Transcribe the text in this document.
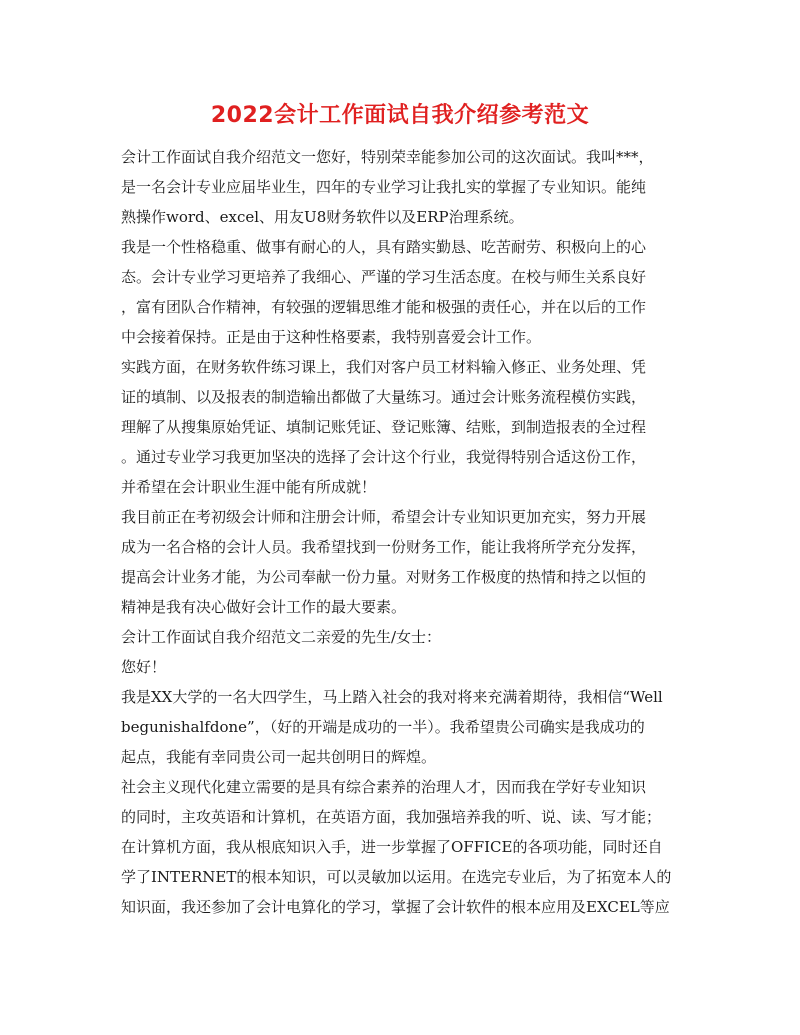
2022会计工作面试自我介绍参考范文
会计工作面试自我介绍范文一您好，特别荣幸能参加公司的这次面试。我叫***，
是一名会计专业应届毕业生，四年的专业学习让我扎实的掌握了专业知识。能纯
熟操作word、excel、用友U8财务软件以及ERP治理系统。
我是一个性格稳重、做事有耐心的人，具有踏实勤恳、吃苦耐劳、积极向上的心
态。会计专业学习更培养了我细心、严谨的学习生活态度。在校与师生关系良好
，富有团队合作精神，有较强的逻辑思维才能和极强的责任心，并在以后的工作
中会接着保持。正是由于这种性格要素，我特别喜爱会计工作。
实践方面，在财务软件练习课上，我们对客户员工材料输入修正、业务处理、凭
证的填制、以及报表的制造输出都做了大量练习。通过会计账务流程模仿实践，
理解了从搜集原始凭证、填制记账凭证、登记账簿、结账，到制造报表的全过程
。通过专业学习我更加坚决的选择了会计这个行业，我觉得特别合适这份工作，
并希望在会计职业生涯中能有所成就！
我目前正在考初级会计师和注册会计师，希望会计专业知识更加充实，努力开展
成为一名合格的会计人员。我希望找到一份财务工作，能让我将所学充分发挥，
提高会计业务才能，为公司奉献一份力量。对财务工作极度的热情和持之以恒的
精神是我有决心做好会计工作的最大要素。
会计工作面试自我介绍范文二亲爱的先生/女士：
您好！
我是XX大学的一名大四学生，马上踏入社会的我对将来充满着期待，我相信“Well
begunishalfdone”，（好的开端是成功的一半）。我希望贵公司确实是我成功的
起点，我能有幸同贵公司一起共创明日的辉煌。
社会主义现代化建立需要的是具有综合素养的治理人才，因而我在学好专业知识
的同时，主攻英语和计算机，在英语方面，我加强培养我的听、说、读、写才能；
在计算机方面，我从根底知识入手，进一步掌握了OFFICE的各项功能，同时还自
学了INTERNET的根本知识，可以灵敏加以运用。在选完专业后，为了拓宽本人的
知识面，我还参加了会计电算化的学习，掌握了会计软件的根本应用及EXCEL等应
